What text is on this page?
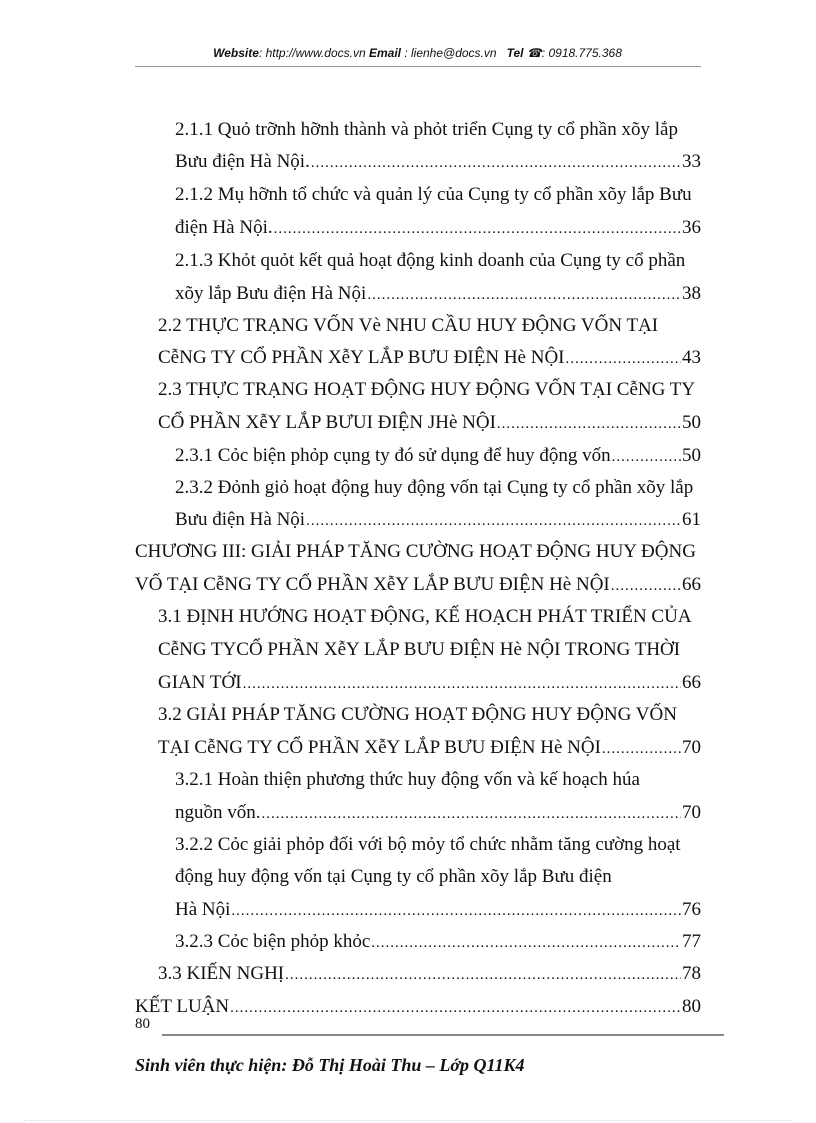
Website: http://www.docs.vn Email : lienhe@docs.vn Tel ☎: 0918.775.368
2.1.1 Quỏ trỡnh hỡnh thành và phỏt triển Cụng ty cổ phần xõy lắp
Bưu điện Hà Nội. .....	33
2.1.2 Mụ hỡnh tổ chức và quản lý của Cụng ty cổ phần xõy lắp Bưu
điện Hà Nội. .....	36
2.1.3 Khỏt quỏt kết quả hoạt động kinh doanh của Cụng ty cổ phần
xõy lắp Bưu điện Hà Nội .....	38
2.2 THỰC TRẠNG VỐN Vè NHU CẦU HUY ĐỘNG VỐN TẠI
CễNG TY CỔ PHẦN XễY LẮP BƯU ĐIỆN Hè NỘI .....	43
2.3 THỰC TRẠNG HOẠT ĐỘNG HUY ĐỘNG VỐN TẠI CễNG TY
CỔ PHẦN XễY LẮP BƯUI ĐIỆN JHè NỘI .....	50
2.3.1 Cỏc biện phỏp cụng ty đó sử dụng để huy động vốn .....	50
2.3.2 Đỏnh giỏ hoạt động huy động vốn tại Cụng ty cổ phần xõy lắp
Bưu điện Hà Nội .....	61
CHƯƠNG III: GIẢI PHÁP TĂNG CƯỜNG HOẠT ĐỘNG HUY ĐỘNG
VỐ TẠI CễNG TY CỔ PHẦN XễY LẮP BƯU ĐIỆN Hè NỘI .....	66
3.1 ĐỊNH HƯỚNG HOẠT ĐỘNG, KẾ HOẠCH PHÁT TRIỂN CỦA
CễNG TYCỔ PHẦN XễY LẮP BƯU ĐIỆN Hè NỘI TRONG THỜI
GIAN TỚI .....	66
3.2 GIẢI PHÁP TĂNG CƯỜNG HOẠT ĐỘNG HUY ĐỘNG VỐN
TẠI CễNG TY CỔ PHẦN XễY LẮP BƯU ĐIỆN Hè NỘI .....	70
3.2.1 Hoàn thiện phương thức huy động vốn và kế hoạch húa
nguồn vốn. .....	70
3.2.2 Cỏc giải phỏp đối với bộ mỏy tổ chức nhằm tăng cường hoạt
động huy động vốn tại Cụng ty cổ phần xõy lắp Bưu điện
Hà Nội .....	76
3.2.3 Cỏc biện phỏp khỏc .....	77
3.3 KIẾN NGHỊ .....	78
KẾT LUẬN .....	80
80
Sinh viên thực hiện: Đỗ Thị Hoài Thu – Lớp Q11K4
